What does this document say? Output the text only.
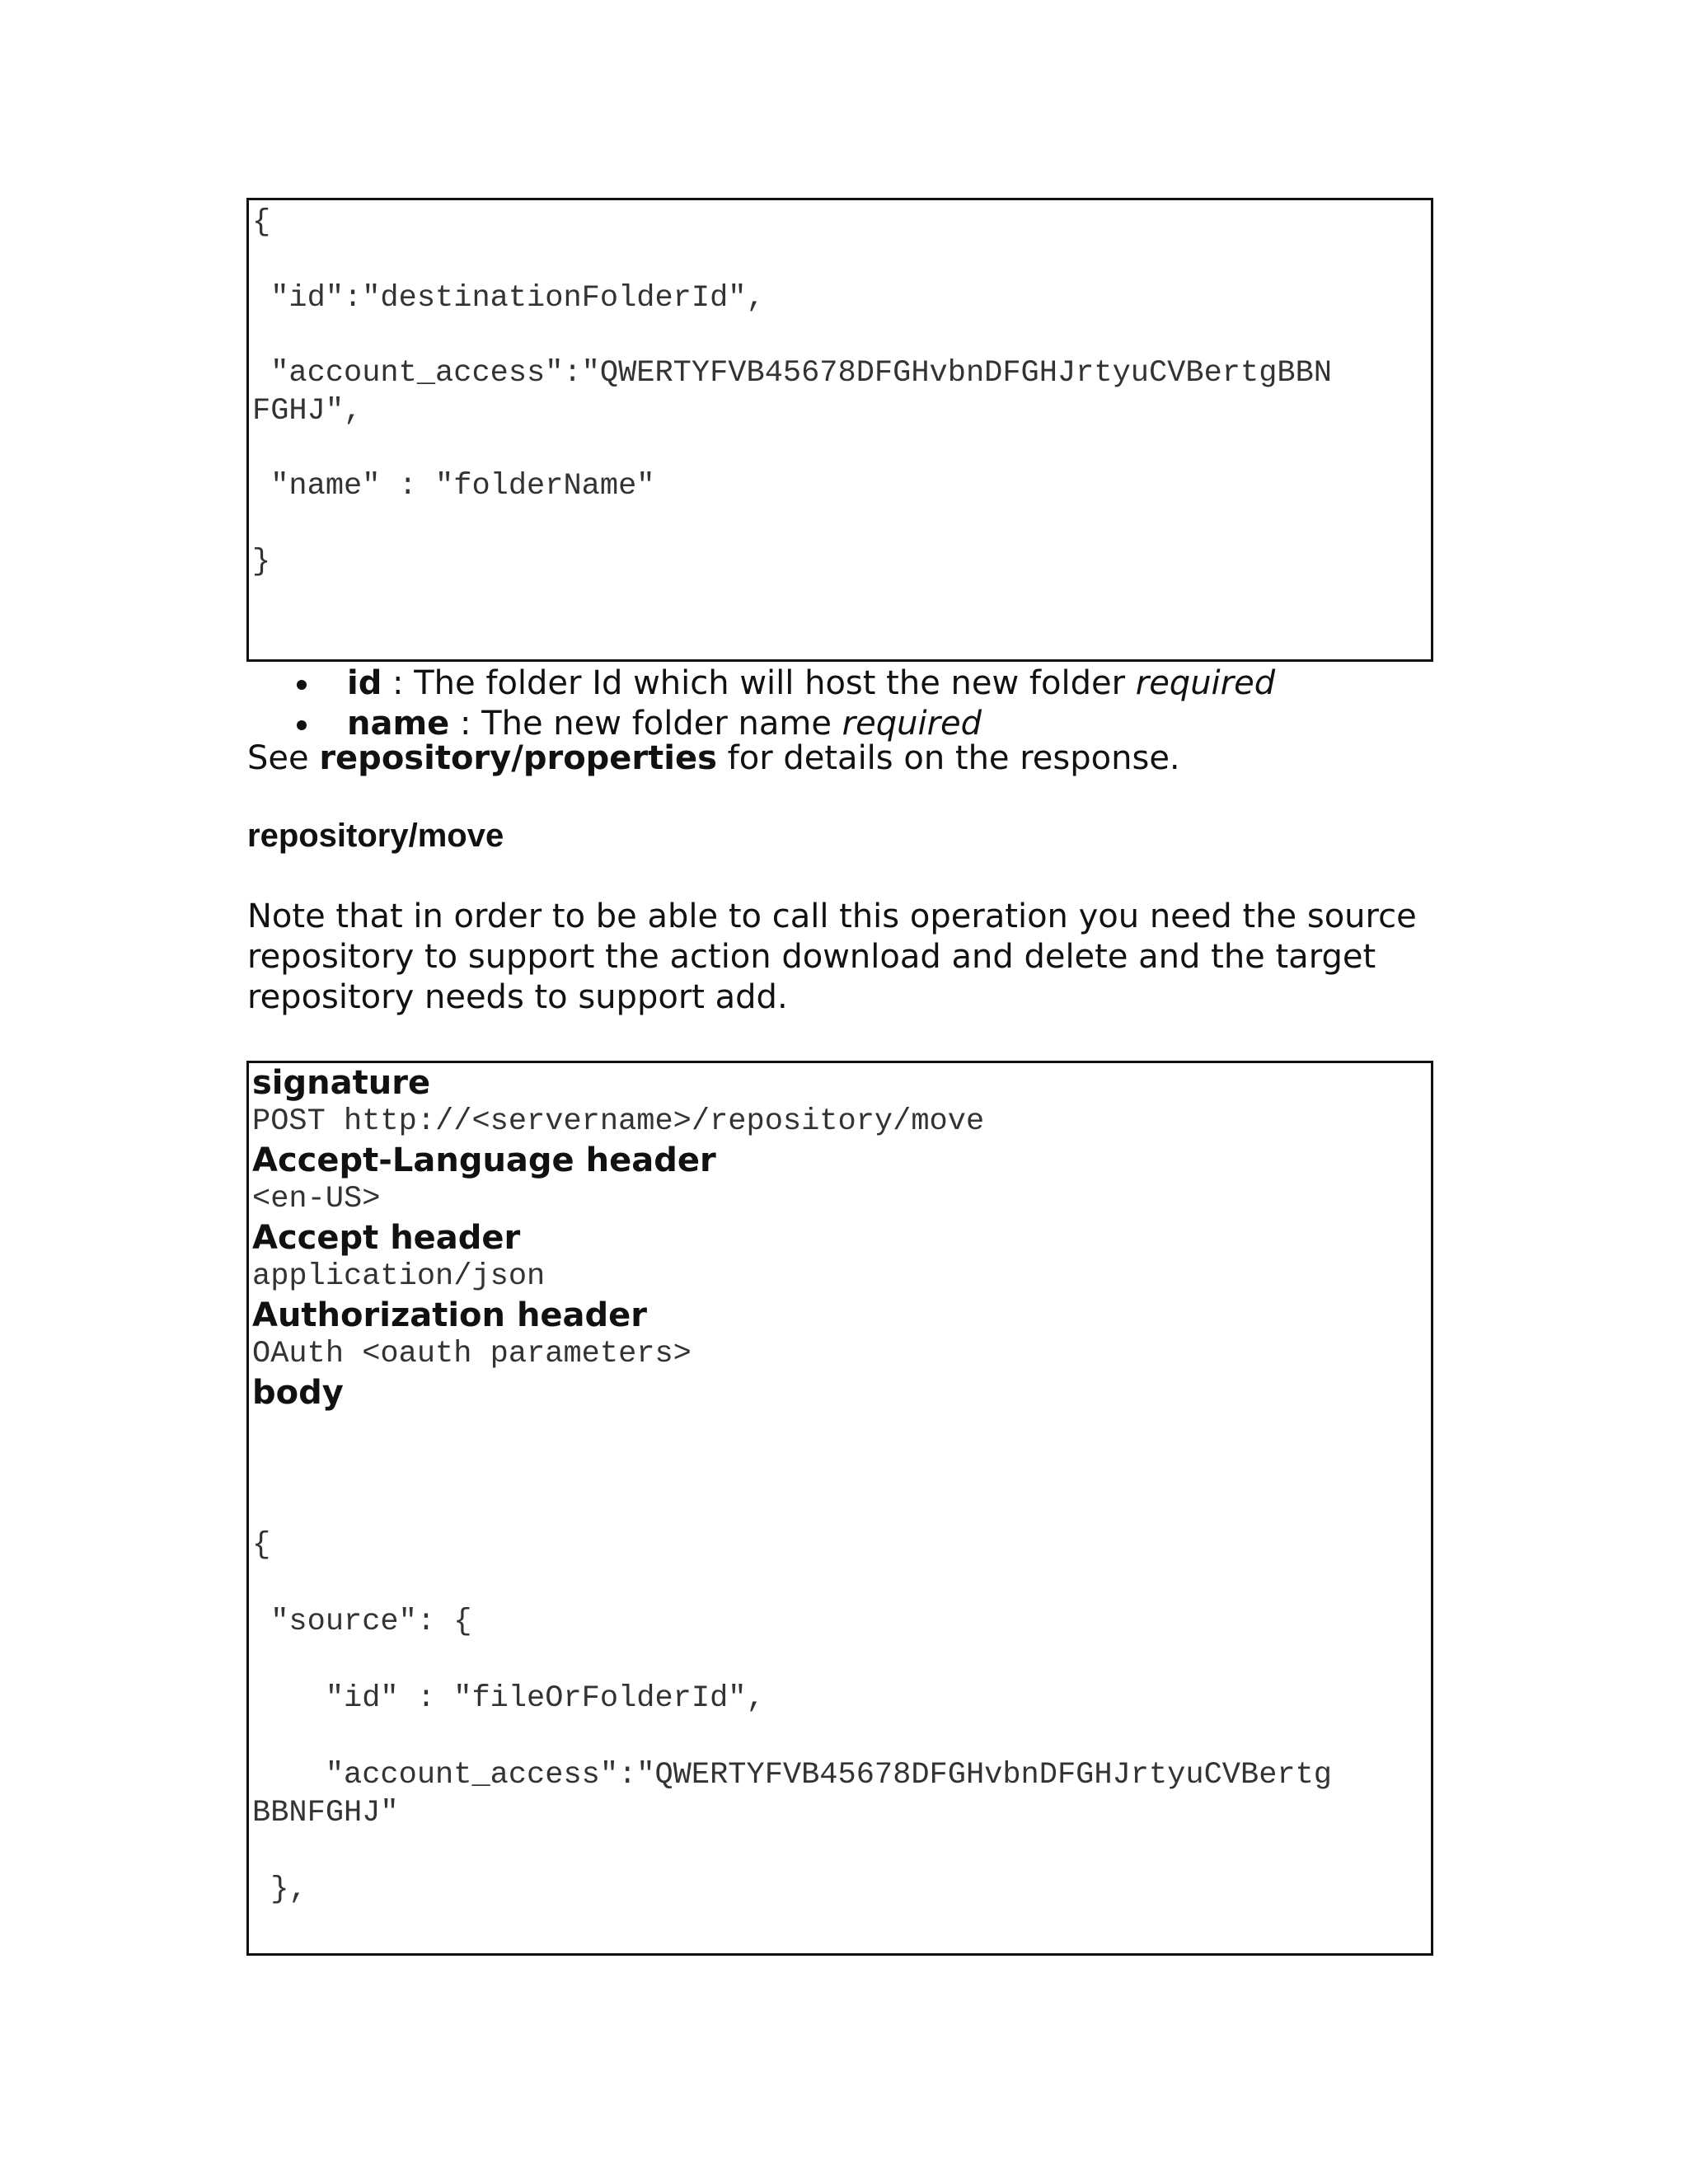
{
"id":"destinationFolderId",
"account_access":"QWERTYFVB45678DFGHvbnDFGHJrtyuCVBertgBBN
FGHJ",
"name" : "folderName"
}
id : The folder Id which will host the new folder required
name : The new folder name required
See repository/properties for details on the response.
repository/move
Note that in order to be able to call this operation you need the source
repository to support the action download and delete and the target
repository needs to support add.
signature
POST http://<servername>/repository/move
Accept-Language header
<en-US>
Accept header
application/json
Authorization header
OAuth <oauth parameters>
body
{
"source": {
"id" : "fileOrFolderId",
"account_access":"QWERTYFVB45678DFGHvbnDFGHJrtyuCVBertg
BBNFGHJ"
},
